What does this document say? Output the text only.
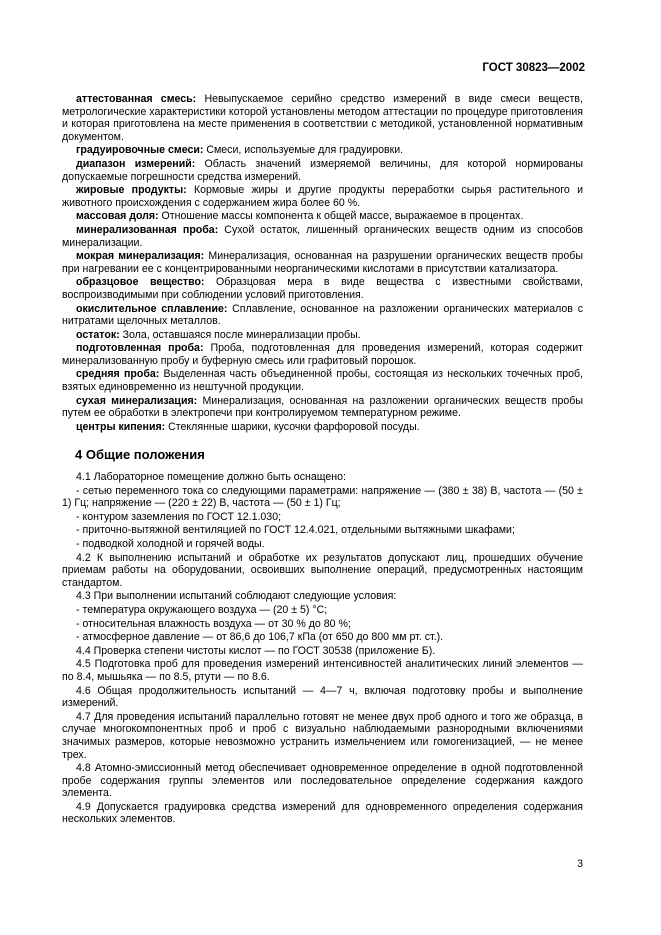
ГОСТ 30823—2002
аттестованная смесь: Невыпускаемое серийно средство измерений в виде смеси веществ, метрологические характеристики которой установлены методом аттестации по процедуре приготовления и которая приготовлена на месте применения в соответствии с методикой, установленной нормативным документом.
градуировочные смеси: Смеси, используемые для градуировки.
диапазон измерений: Область значений измеряемой величины, для которой нормированы допускаемые погрешности средства измерений.
жировые продукты: Кормовые жиры и другие продукты переработки сырья растительного и животного происхождения с содержанием жира более 60 %.
массовая доля: Отношение массы компонента к общей массе, выражаемое в процентах.
минерализованная проба: Сухой остаток, лишенный органических веществ одним из способов минерализации.
мокрая минерализация: Минерализация, основанная на разрушении органических веществ пробы при нагревании ее с концентрированными неорганическими кислотами в присутствии катализатора.
образцовое вещество: Образцовая мера в виде вещества с известными свойствами, воспроизводимыми при соблюдении условий приготовления.
окислительное сплавление: Сплавление, основанное на разложении органических материалов с нитратами щелочных металлов.
остаток: Зола, оставшаяся после минерализации пробы.
подготовленная проба: Проба, подготовленная для проведения измерений, которая содержит минерализованную пробу и буферную смесь или графитовый порошок.
средняя проба: Выделенная часть объединенной пробы, состоящая из нескольких точечных проб, взятых единовременно из нештучной продукции.
сухая минерализация: Минерализация, основанная на разложении органических веществ пробы путем ее обработки в электропечи при контролируемом температурном режиме.
центры кипения: Стеклянные шарики, кусочки фарфоровой посуды.
4 Общие положения
4.1 Лабораторное помещение должно быть оснащено:
- сетью переменного тока со следующими параметрами: напряжение — (380 ± 38) В, частота — (50 ± 1) Гц; напряжение — (220 ± 22) В, частота — (50 ± 1) Гц;
- контуром заземления по ГОСТ 12.1.030;
- приточно-вытяжной вентиляцией по ГОСТ 12.4.021, отдельными вытяжными шкафами;
- подводкой холодной и горячей воды.
4.2 К выполнению испытаний и обработке их результатов допускают лиц, прошедших обучение приемам работы на оборудовании, освоивших выполнение операций, предусмотренных настоящим стандартом.
4.3 При выполнении испытаний соблюдают следующие условия:
- температура окружающего воздуха — (20 ± 5) °С;
- относительная влажность воздуха — от 30 % до 80 %;
- атмосферное давление — от 86,6 до 106,7 кПа (от 650 до 800 мм рт. ст.).
4.4 Проверка степени чистоты кислот — по ГОСТ 30538 (приложение Б).
4.5 Подготовка проб для проведения измерений интенсивностей аналитических линий элементов — по 8.4, мышьяка — по 8.5, ртути — по 8.6.
4.6 Общая продолжительность испытаний — 4—7 ч, включая подготовку пробы и выполнение измерений.
4.7 Для проведения испытаний параллельно готовят не менее двух проб одного и того же образца, в случае многокомпонентных проб и проб с визуально наблюдаемыми разнородными включениями значимых размеров, которые невозможно устранить измельчением или гомогенизацией, — не менее трех.
4.8 Атомно-эмиссионный метод обеспечивает одновременное определение в одной подготовленной пробе содержания группы элементов или последовательное определение содержания каждого элемента.
4.9 Допускается градуировка средства измерений для одновременного определения содержания нескольких элементов.
3
